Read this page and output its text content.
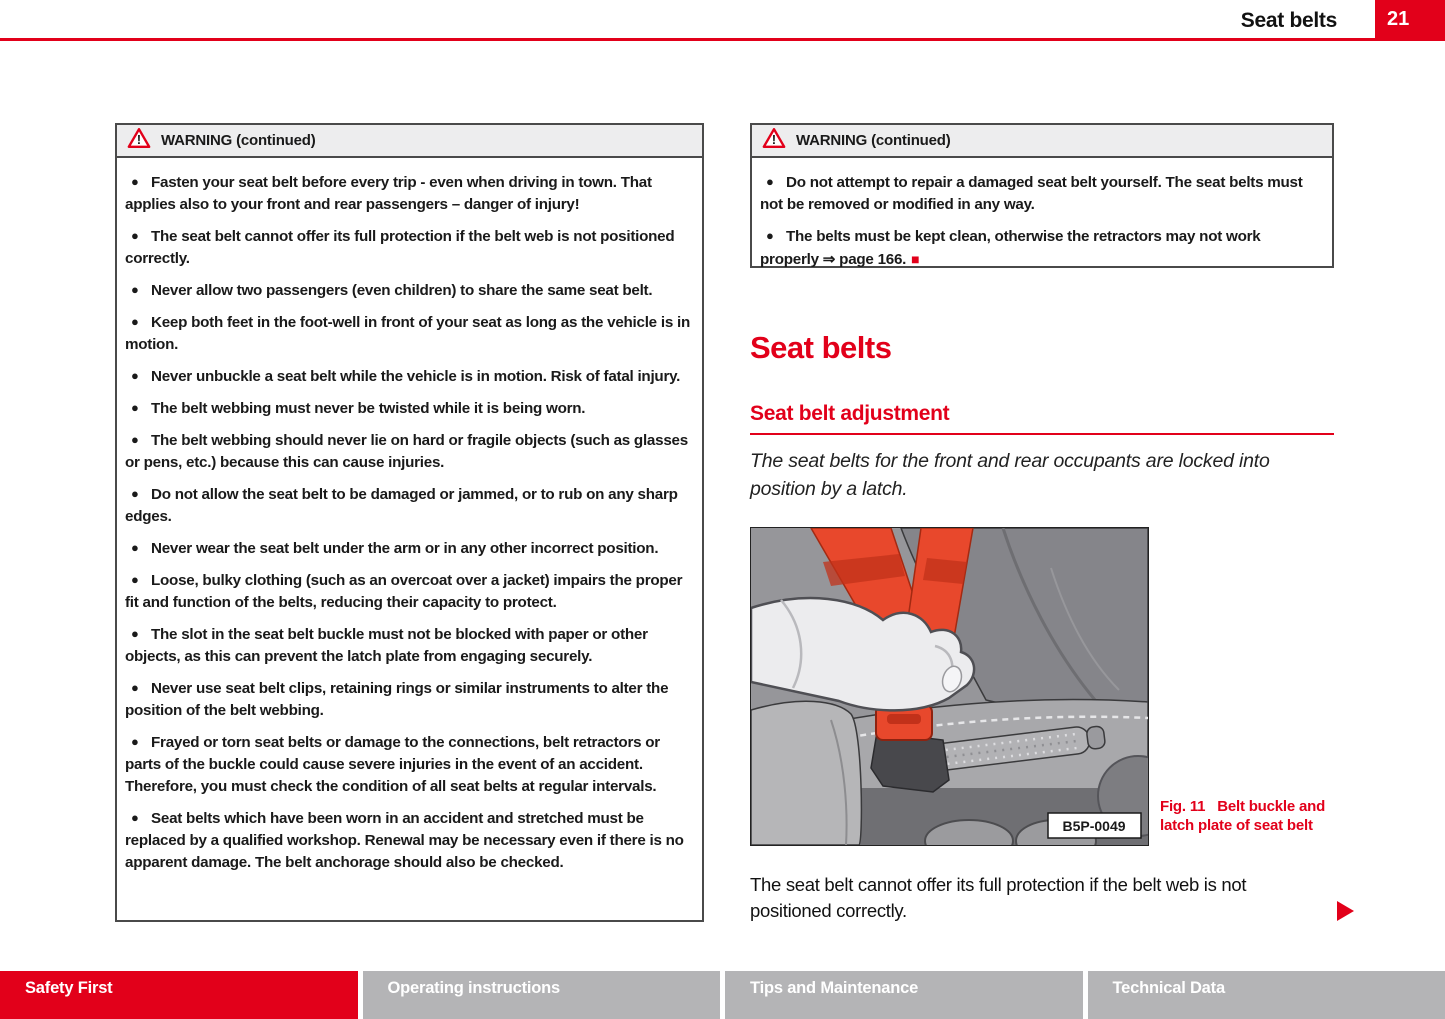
Seat belts	21
! WARNING (continued)

● Fasten your seat belt before every trip - even when driving in town. That applies also to your front and rear passengers – danger of injury!

● The seat belt cannot offer its full protection if the belt web is not positioned correctly.

● Never allow two passengers (even children) to share the same seat belt.

● Keep both feet in the foot-well in front of your seat as long as the vehicle is in motion.

● Never unbuckle a seat belt while the vehicle is in motion. Risk of fatal injury.

● The belt webbing must never be twisted while it is being worn.

● The belt webbing should never lie on hard or fragile objects (such as glasses or pens, etc.) because this can cause injuries.

● Do not allow the seat belt to be damaged or jammed, or to rub on any sharp edges.

● Never wear the seat belt under the arm or in any other incorrect position.

● Loose, bulky clothing (such as an overcoat over a jacket) impairs the proper fit and function of the belts, reducing their capacity to protect.

● The slot in the seat belt buckle must not be blocked with paper or other objects, as this can prevent the latch plate from engaging securely.

● Never use seat belt clips, retaining rings or similar instruments to alter the position of the belt webbing.

● Frayed or torn seat belts or damage to the connections, belt retractors or parts of the buckle could cause severe injuries in the event of an accident. Therefore, you must check the condition of all seat belts at regular intervals.

● Seat belts which have been worn in an accident and stretched must be replaced by a qualified workshop. Renewal may be necessary even if there is no apparent damage. The belt anchorage should also be checked.

! WARNING (continued)

● Do not attempt to repair a damaged seat belt yourself. The seat belts must not be removed or modified in any way.

● The belts must be kept clean, otherwise the retractors may not work properly ⇒ page 166. ■

Seat belts
Seat belt adjustment

The seat belts for the front and rear occupants are locked into position by a latch.

B5P-0049
Fig. 11 Belt buckle and latch plate of seat belt

The seat belt cannot offer its full protection if the belt web is not positioned correctly.

Safety First	Operating instructions	Tips and Maintenance	Technical Data
